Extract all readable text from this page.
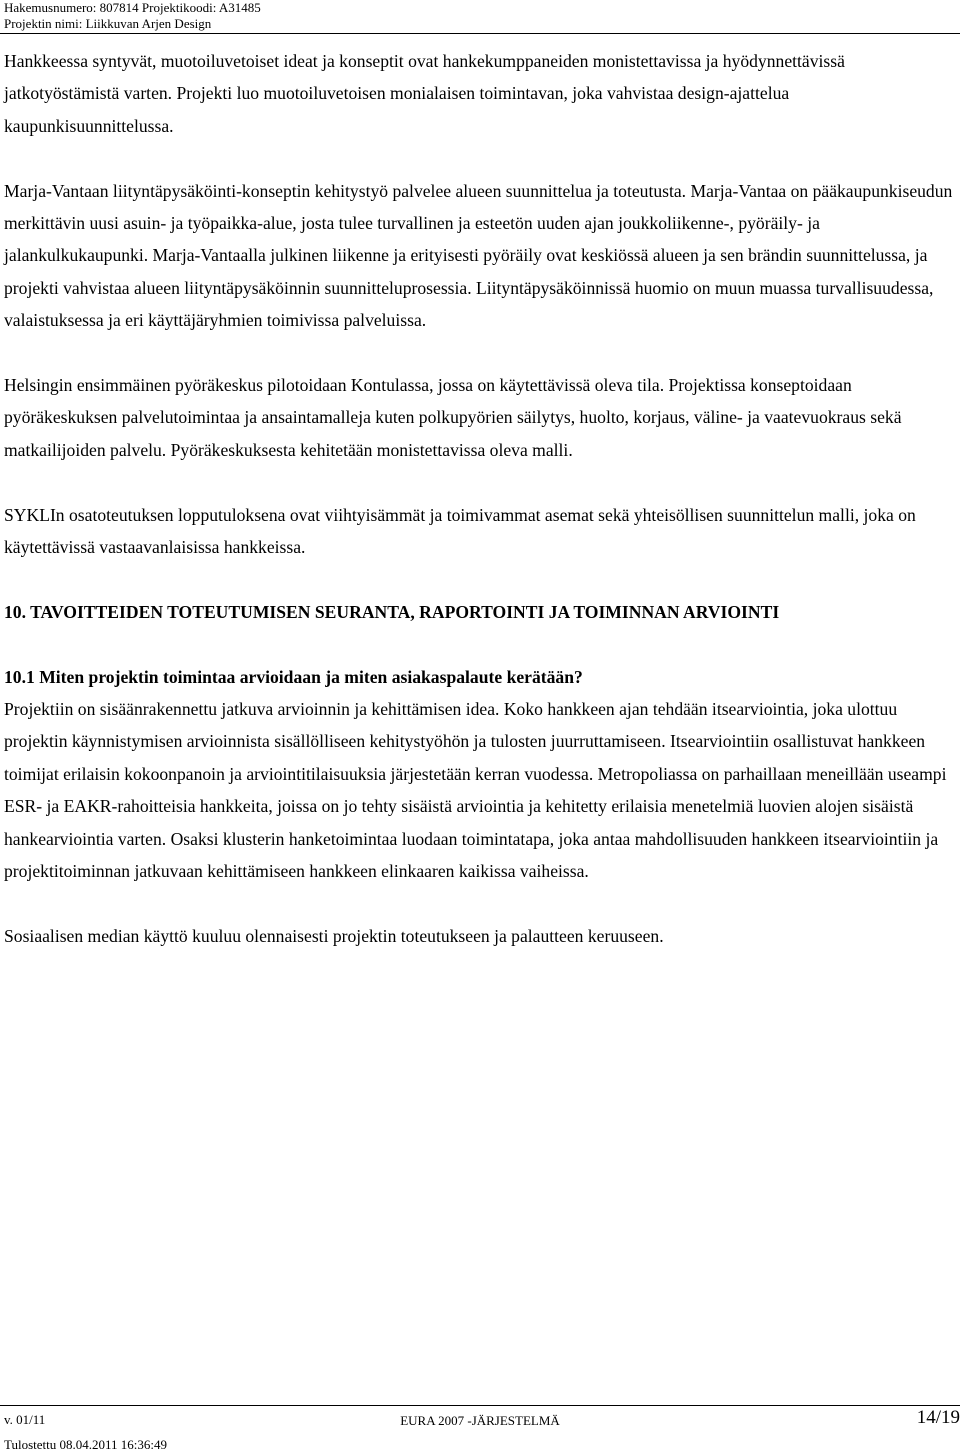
Hakemusnumero: 807814 Projektikoodi: A31485
Projektin nimi: Liikkuvan Arjen Design

Hankkeessa syntyvät, muotoiluvetoiset ideat ja konseptit ovat hankekumppaneiden monistettavissa ja hyödynnettävissä jatkotyöstämistä varten. Projekti luo muotoiluvetoisen monialaisen toimintavan, joka vahvistaa design-ajattelua kaupunkisuunnittelussa.

Marja-Vantaan liityntäpysäköinti-konseptin kehitystyö palvelee alueen suunnittelua ja toteutusta. Marja-Vantaa on pääkaupunkiseudun merkittävin uusi asuin- ja työpaikka-alue, josta tulee turvallinen ja esteetön uuden ajan joukkoliikenne-, pyöräily- ja jalankulkukaupunki. Marja-Vantaalla julkinen liikenne ja erityisesti pyöräily ovat keskiössä alueen ja sen brändin suunnittelussa, ja projekti vahvistaa alueen liityntäpysäköinnin suunnitteluprosessia. Liityntäpysäköinnissä huomio on muun muassa turvallisuudessa, valaistuksessa ja eri käyttäjäryhmien toimivissa palveluissa.

Helsingin ensimmäinen pyöräkeskus pilotoidaan Kontulassa, jossa on käytettävissä oleva tila. Projektissa konseptoidaan pyöräkeskuksen palvelutoimintaa ja ansaintamalleja kuten polkupyörien säilytys, huolto, korjaus, väline- ja vaatevuokraus sekä matkailijoiden palvelu. Pyöräkeskuksesta kehitetään monistettavissa oleva malli.

SYKLIn osatoteutuksen lopputuloksena ovat viihtyisämmät ja toimivammat asemat sekä yhteisöllisen suunnittelun malli, joka on käytettävissä vastaavanlaisissa hankkeissa.

10. TAVOITTEIDEN TOTEUTUMISEN SEURANTA, RAPORTOINTI JA TOIMINNAN ARVIOINTI

10.1 Miten projektin toimintaa arvioidaan ja miten asiakaspalaute kerätään?

Projektiin on sisäänrakennettu jatkuva arvioinnin ja kehittämisen idea. Koko hankkeen ajan tehdään itsearviointia, joka ulottuu projektin käynnistymisen arvioinnista sisällölliseen kehitystyöhön ja tulosten juurruttamiseen. Itsearviointiin osallistuvat hankkeen toimijat erilaisin kokoonpanoin ja arviointitilaisuuksia järjestetään kerran vuodessa. Metropoliassa on parhaillaan meneillään useampi ESR- ja EAKR-rahoitteisia hankkeita, joissa on jo tehty sisäistä arviointia ja kehitetty erilaisia menetelmiä luovien alojen sisäistä hankearviointia varten. Osaksi klusterin hanketoimintaa luodaan toimintatapa, joka antaa mahdollisuuden hankkeen itsearviointiin ja projektitoiminnan jatkuvaan kehittämiseen hankkeen elinkaaren kaikissa vaiheissa.

Sosiaalisen median käyttö kuuluu olennaisesti projektin toteutukseen ja palautteen keruuseen.

v. 01/11	EURA 2007 -JÄRJESTELMÄ	14/19
Tulostettu 08.04.2011 16:36:49
